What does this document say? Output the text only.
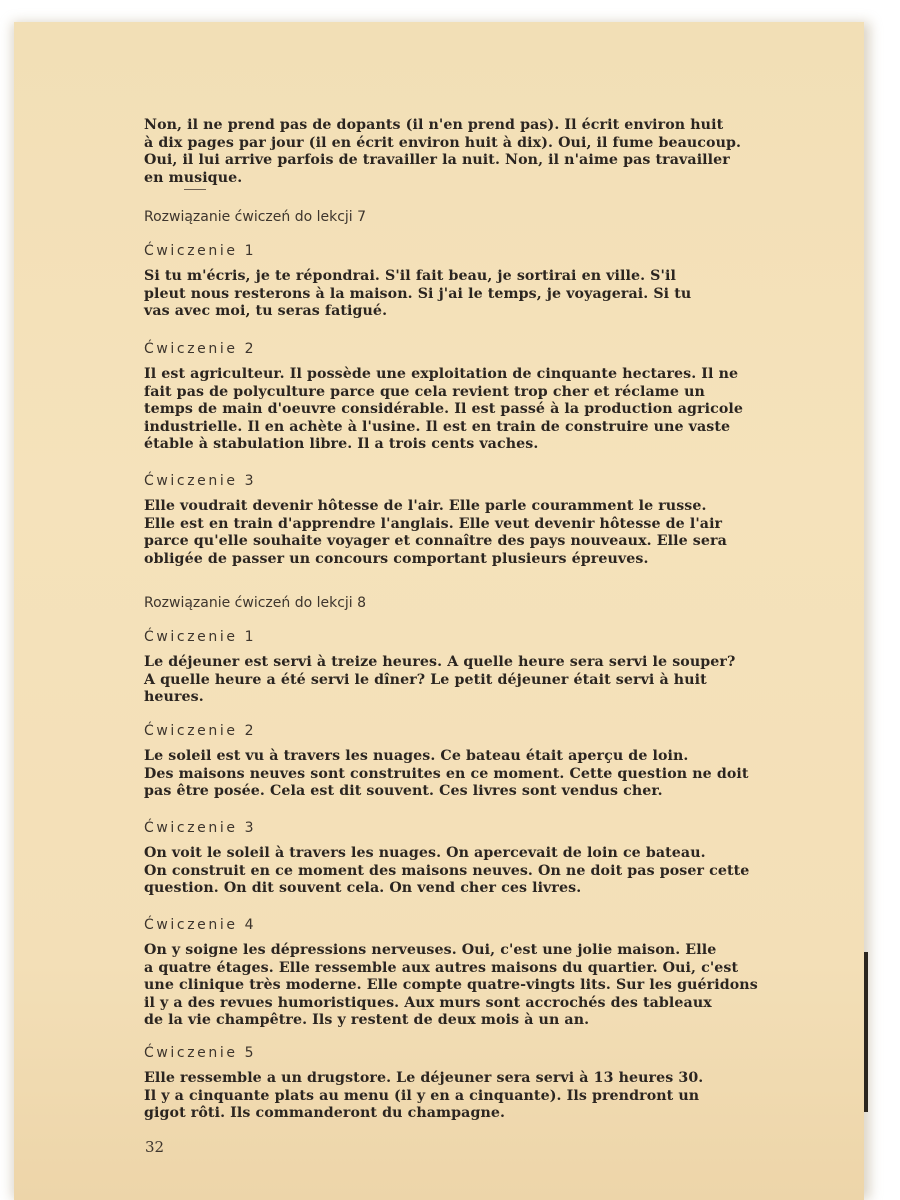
Non, il ne prend pas de dopants (il n'en prend pas). Il écrit environ huit
à dix pages par jour (il en écrit environ huit à dix). Oui, il fume beaucoup.
Oui, il lui arrive parfois de travailler la nuit. Non, il n'aime pas travailler
en musique.

Rozwiązanie ćwiczeń do lekcji 7

Ćwiczenie 1

Si tu m'écris, je te répondrai. S'il fait beau, je sortirai en ville. S'il
pleut nous resterons à la maison. Si j'ai le temps, je voyagerai. Si tu
vas avec moi, tu seras fatigué.

Ćwiczenie 2

Il est agriculteur. Il possède une exploitation de cinquante hectares. Il ne
fait pas de polyculture parce que cela revient trop cher et réclame un
temps de main d'oeuvre considérable. Il est passé à la production agricole
industrielle. Il en achète à l'usine. Il est en train de construire une vaste
étable à stabulation libre. Il a trois cents vaches.

Ćwiczenie 3

Elle voudrait devenir hôtesse de l'air. Elle parle couramment le russe.
Elle est en train d'apprendre l'anglais. Elle veut devenir hôtesse de l'air
parce qu'elle souhaite voyager et connaître des pays nouveaux. Elle sera
obligée de passer un concours comportant plusieurs épreuves.

Rozwiązanie ćwiczeń do lekcji 8

Ćwiczenie 1

Le déjeuner est servi à treize heures. A quelle heure sera servi le souper?
A quelle heure a été servi le dîner? Le petit déjeuner était servi à huit
heures.

Ćwiczenie 2

Le soleil est vu à travers les nuages. Ce bateau était aperçu de loin.
Des maisons neuves sont construites en ce moment. Cette question ne doit
pas être posée. Cela est dit souvent. Ces livres sont vendus cher.

Ćwiczenie 3

On voit le soleil à travers les nuages. On apercevait de loin ce bateau.
On construit en ce moment des maisons neuves. On ne doit pas poser cette
question. On dit souvent cela. On vend cher ces livres.

Ćwiczenie 4

On y soigne les dépressions nerveuses. Oui, c'est une jolie maison. Elle
a quatre étages. Elle ressemble aux autres maisons du quartier. Oui, c'est
une clinique très moderne. Elle compte quatre-vingts lits. Sur les guéridons
il y a des revues humoristiques. Aux murs sont accrochés des tableaux
de la vie champêtre. Ils y restent de deux mois à un an.

Ćwiczenie 5

Elle ressemble a un drugstore. Le déjeuner sera servi à 13 heures 30.
Il y a cinquante plats au menu (il y en a cinquante). Ils prendront un
gigot rôti. Ils commanderont du champagne.

32
